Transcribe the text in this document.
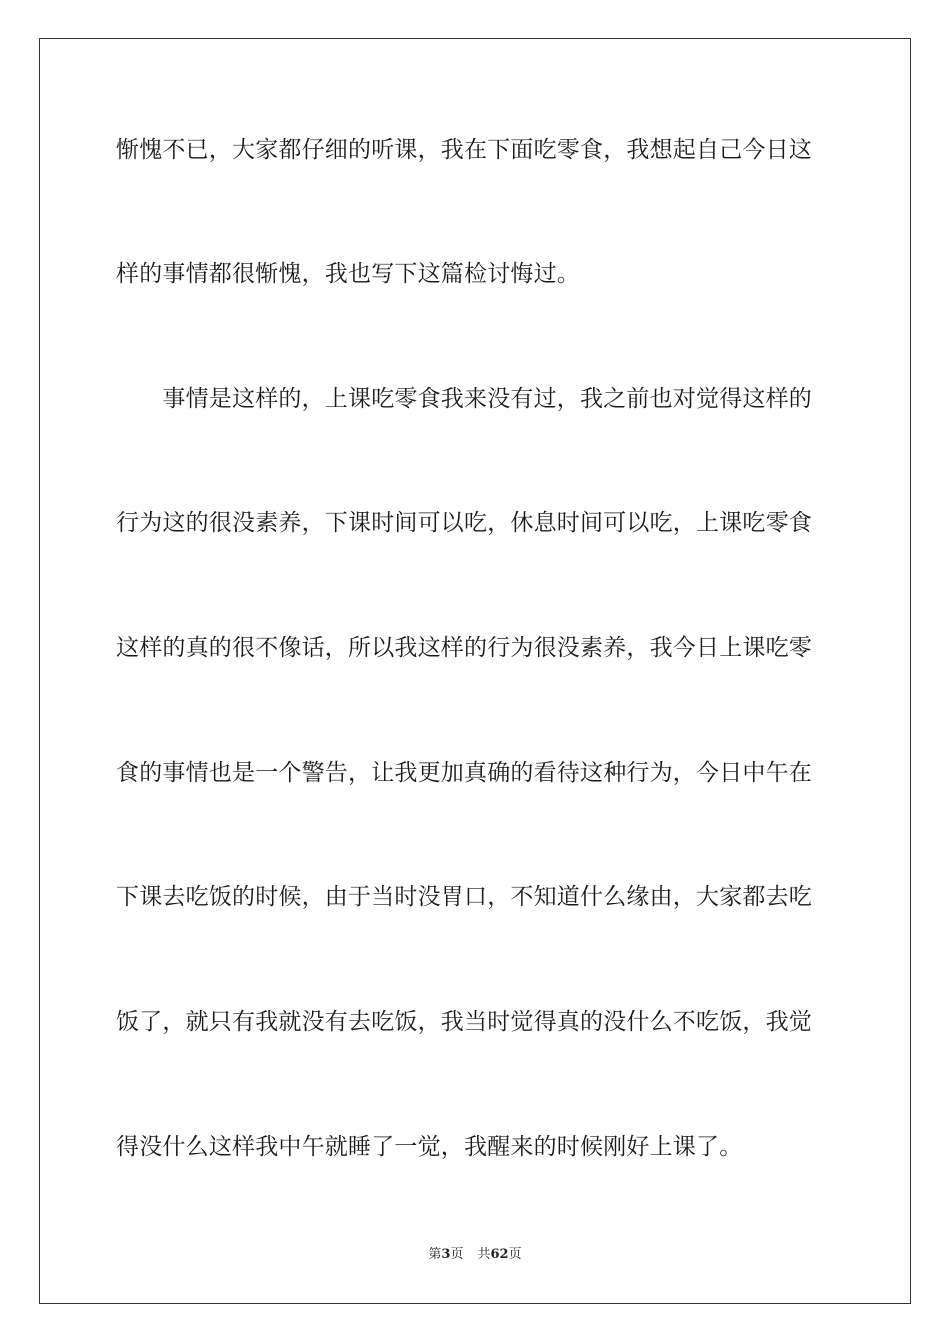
惭愧不已，大家都仔细的听课，我在下面吃零食，我想起自己今日这
样的事情都很惭愧，我也写下这篇检讨悔过。
　　事情是这样的，上课吃零食我来没有过，我之前也对觉得这样的
行为这的很没素养，下课时间可以吃，休息时间可以吃，上课吃零食
这样的真的很不像话，所以我这样的行为很没素养，我今日上课吃零
食的事情也是一个警告，让我更加真确的看待这种行为，今日中午在
下课去吃饭的时候，由于当时没胃口，不知道什么缘由，大家都去吃
饭了，就只有我就没有去吃饭，我当时觉得真的没什么不吃饭，我觉
得没什么这样我中午就睡了一觉，我醒来的时候刚好上课了。
第3页 共62页
